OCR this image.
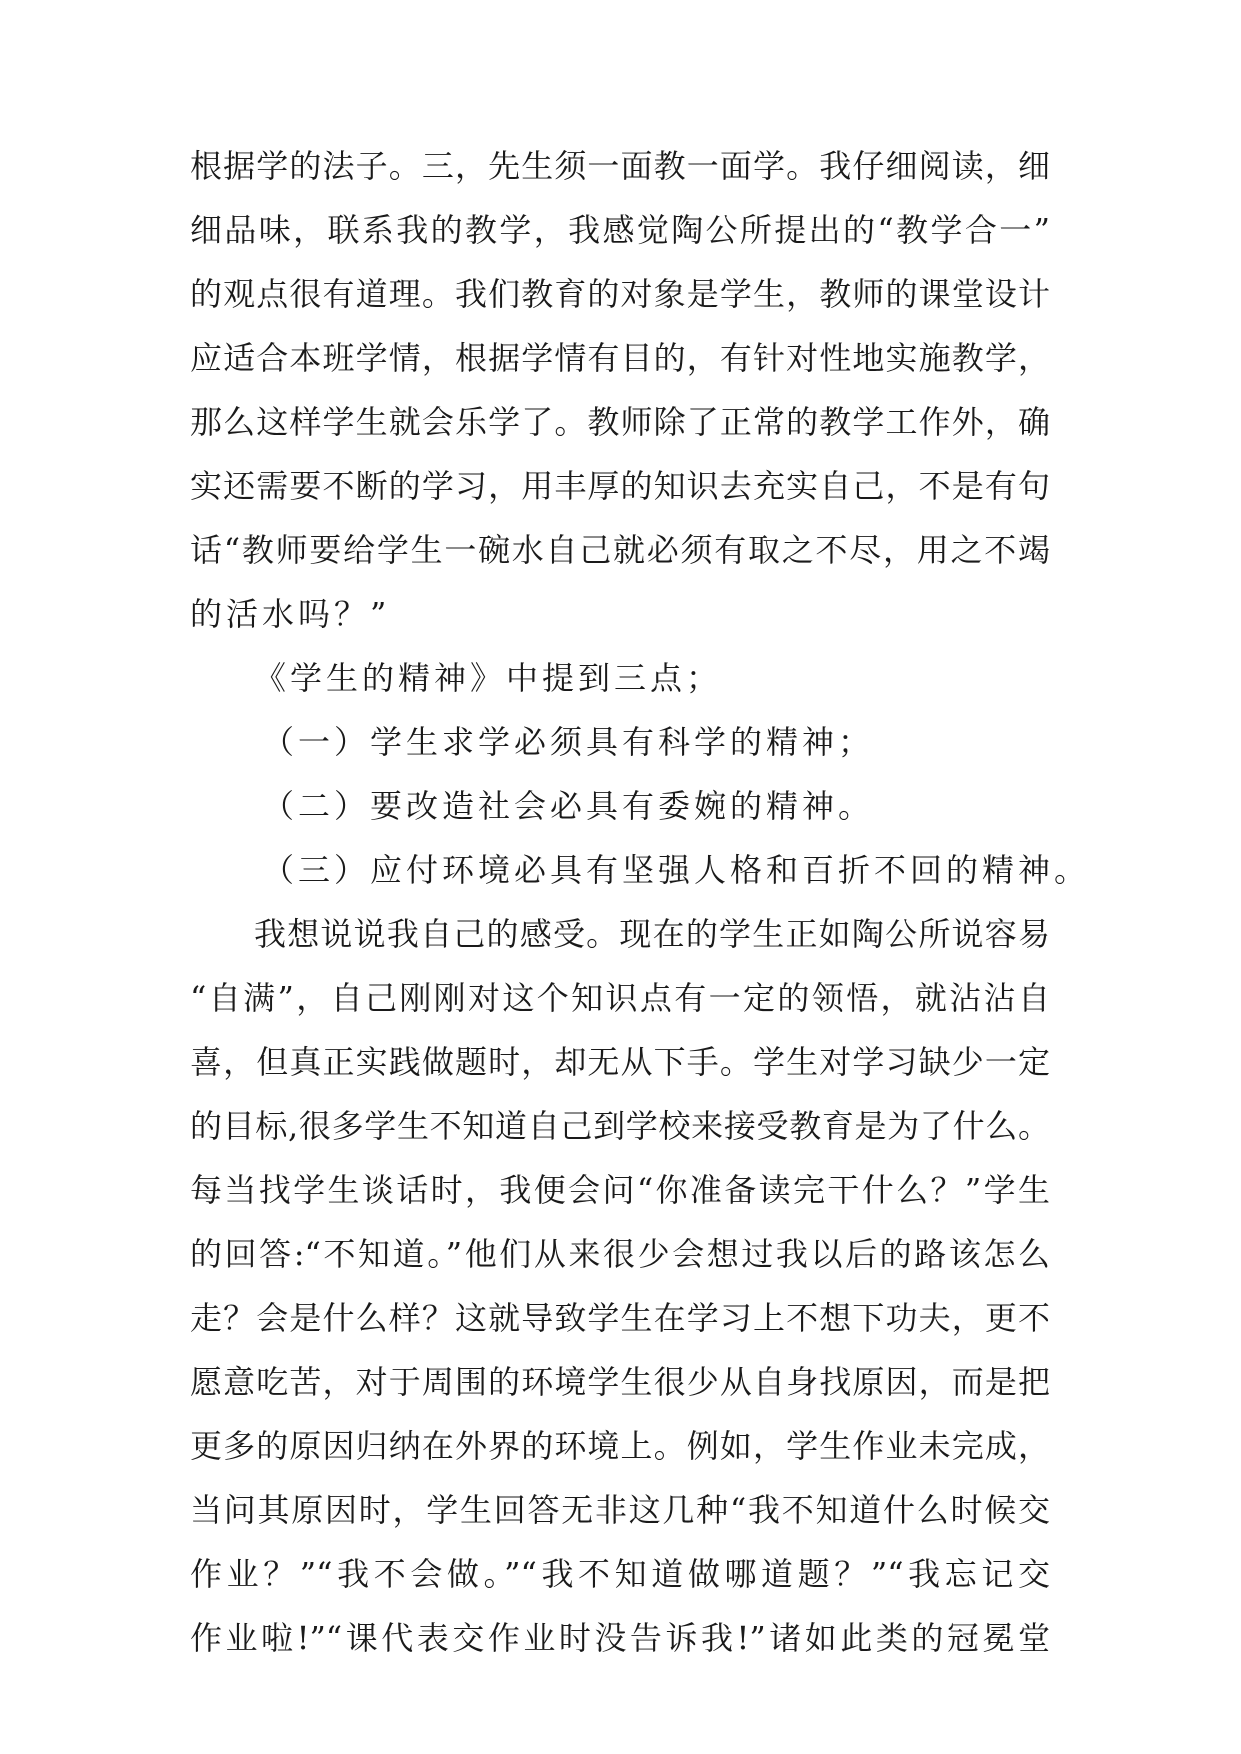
根据学的法子。三，先生须一面教一面学。我仔细阅读，细
细品味，联系我的教学，我感觉陶公所提出的“教学合一”
的观点很有道理。我们教育的对象是学生，教师的课堂设计
应适合本班学情，根据学情有目的，有针对性地实施教学，
那么这样学生就会乐学了。教师除了正常的教学工作外，确
实还需要不断的学习，用丰厚的知识去充实自己，不是有句
话“教师要给学生一碗水自己就必须有取之不尽，用之不竭
的活水吗？”
《学生的精神》中提到三点；
（一）学生求学必须具有科学的精神；
（二）要改造社会必具有委婉的精神。
（三）应付环境必具有坚强人格和百折不回的精神。
我想说说我自己的感受。现在的学生正如陶公所说容易
“自满”，自己刚刚对这个知识点有一定的领悟，就沾沾自
喜，但真正实践做题时，却无从下手。学生对学习缺少一定
的目标,很多学生不知道自己到学校来接受教育是为了什么。
每当找学生谈话时，我便会问“你准备读完干什么？”学生
的回答:“不知道。”他们从来很少会想过我以后的路该怎么
走？会是什么样？这就导致学生在学习上不想下功夫，更不
愿意吃苦，对于周围的环境学生很少从自身找原因，而是把
更多的原因归纳在外界的环境上。例如，学生作业未完成，
当问其原因时，学生回答无非这几种“我不知道什么时候交
作业？”“我不会做。”“我不知道做哪道题？”“我忘记交
作业啦!”“课代表交作业时没告诉我!”诸如此类的冠冕堂
